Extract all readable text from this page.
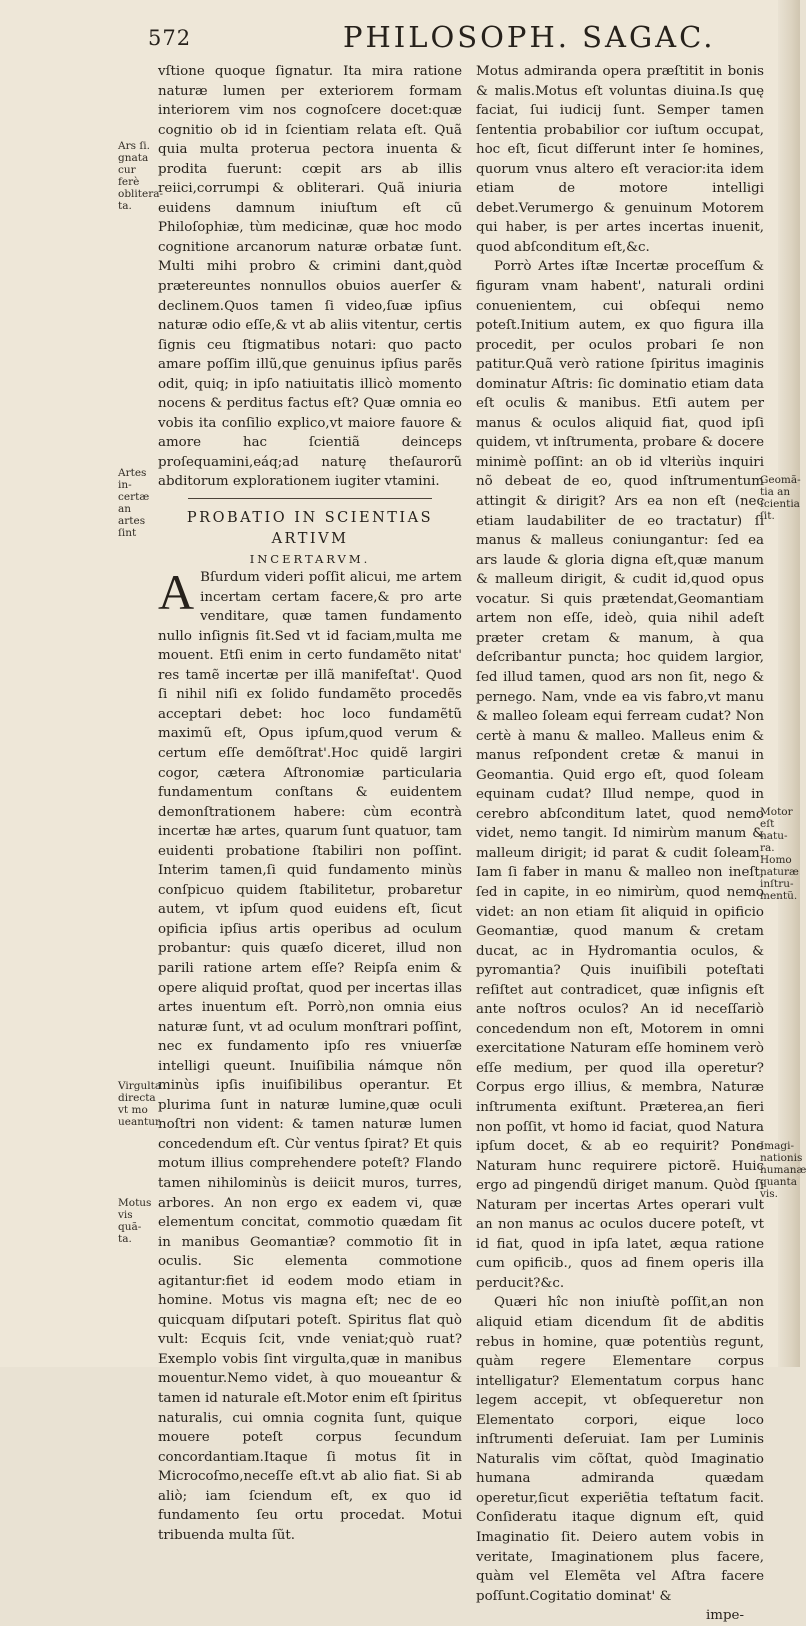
572	PHILOSOPH. SAGAC.

vſtione quoque ſignatur. Ita mira ratione naturæ lumen per exteriorem formam interiorem vim nos cognoſcere docet:quæ cognitio ob id in ſcientiam relata eſt. Quã quia multa proterua pectora inuenta & prodita fuerunt: cœpit ars ab illis reiici,corrumpi & obliterari. Quã iniuria euidens damnum iniuſtum eſt cũ Philoſophiæ, tùm medicinæ, quæ hoc modo cognitione arcanorum naturæ orbatæ ſunt. Multi mihi probro & crimini dant,quòd prætereuntes nonnullos obuios auerſer & declinem.Quos tamen ſi video,ſuæ ipſius naturæ odio eſſe,& vt ab aliis vitentur, certis ſignis ceu ſtigmatibus notari: quo pacto amare poſſim illũ,que genuinus ipſius parẽs odit, quiq; in ipſo natiuitatis illicò momento nocens & perditus factus eſt? Quæ omnia eo vobis ita conſilio explico,vt maiore fauore & amore hac ſcientiã deinceps proſequamini,eáq;ad naturę theſaurorũ abditorum explorationem iugiter vtamini.

PROBATIO IN SCIENTIAS ARTIVM
INCERTARVM.

A Bſurdum videri poſſit alicui, me artem incertam certam facere,& pro arte venditare, quæ tamen fundamento nullo inſignis ſit.Sed vt id faciam,multa me mouent. Etſi enim in certo fundamẽto nitat' res tamẽ incertæ per illã manifeſtat'. Quod ſi nihil niſi ex ſolido fundamẽto procedẽs acceptari debet: hoc loco fundamẽtũ maximũ eſt, Opus ipſum,quod verum & certum eſſe demõſtrat'.Hoc quidẽ largiri cogor, cætera Aſtronomiæ particularia fundamentum conſtans & euidentem demonſtrationem habere: cùm econtrà incertæ hæ artes, quarum ſunt quatuor, tam euidenti probatione ſtabiliri non poſſint. Interim tamen,ſi quid fundamento minùs conſpicuo quidem ſtabilitetur, probaretur autem, vt ipſum quod euidens eſt, ſicut opificia ipſius artis operibus ad oculum probantur: quis quæſo diceret, illud non parili ratione artem eſſe? Reipſa enim & opere aliquid proſtat, quod per incertas illas artes inuentum eſt. Porrò,non omnia eius naturæ ſunt, vt ad oculum monſtrari poſſint, nec ex fundamento ipſo res vniuerſæ intelligi queunt. Inuiſibilia námque nõn minùs ipſis inuiſibilibus operantur. Et plurima ſunt in naturæ lumine,quæ oculi noſtri non vident: & tamen naturæ lumen concedendum eſt. Cùr ventus ſpirat? Et quis motum illius comprehendere poteſt? Flando tamen nihilominùs is deiicit muros, turres, arbores. An non ergo ex eadem vi, quæ elementum concitat, commotio quædam ſit in manibus Geomantiæ? commotio ſit in oculis. Sic elementa commotione agitantur:fiet id eodem modo etiam in homine. Motus vis magna eſt; nec de eo quicquam diſputari poteſt. Spiritus flat quò vult: Ecquis ſcit, vnde veniat;quò ruat? Exemplo vobis ſint virgulta,quæ in manibus mouentur.Nemo videt, à quo moueantur & tamen id naturale eſt.Motor enim eſt ſpiritus naturalis, cui omnia cognita ſunt, quique mouere poteſt corpus ſecundum concordantiam.Itaque ſi motus ſit in Microcoſmo,neceſſe eſt.vt ab alio fiat. Si ab aliò; iam ſciendum eſt, ex quo id fundamento ſeu ortu procedat. Motui tribuenda multa ſũt.

Motus admiranda opera præſtitit in bonis & malis.Motus eſt voluntas diuina.Is quę faciat, ſui iudicij ſunt. Semper tamen ſententia probabilior cor iuſtum occupat, hoc eſt, ſicut diſferunt inter ſe homines, quorum vnus altero eſt veracior:ita idem etiam de motore intelligi debet.Verumergo & genuinum Motorem qui haber, is per artes incertas inuenit, quod abſconditum eſt,&c.

Porrò Artes iſtæ Incertæ proceſſum & figuram vnam habent', naturali ordini conuenientem, cui obſequi nemo poteſt.Initium autem, ex quo figura illa procedit, per oculos probari ſe non patitur.Quã verò ratione ſpiritus imaginis dominatur Aſtris: ſic dominatio etiam data eſt oculis & manibus. Etſi autem per manus & oculos aliquid fiat, quod ipſi quidem, vt inſtrumenta, probare & docere minimè poſſint: an ob id vlteriùs inquiri nõ debeat de eo, quod inſtrumentum attingit & dirigit? Ars ea non eſt (nec etiam laudabiliter de eo tractatur) ſi manus & malleus coniungantur: ſed ea ars laude & gloria digna eſt,quæ manum & malleum dirigit, & cudit id,quod opus vocatur. Si quis prætendat,Geomantiam artem non eſſe, ideò, quia nihil adeſt præter cretam & manum, à qua deſcribantur puncta; hoc quidem largior, ſed illud tamen, quod ars non ſit, nego & pernego. Nam, vnde ea vis fabro,vt manu & malleo ſoleam equi ferream cudat? Non certè à manu & malleo. Malleus enim & manus reſpondent cretæ & manui in Geomantia. Quid ergo eſt, quod ſoleam equinam cudat? Illud nempe, quod in cerebro abſconditum latet, quod nemo videt, nemo tangit. Id nimirùm manum & malleum dirigit; id parat & cudit ſoleam. Iam ſi faber in manu & malleo non ineſt, ſed in capite, in eo nimirùm, quod nemo videt: an non etiam ſit aliquid in opificio Geomantiæ, quod manum & cretam ducat, ac in Hydromantia oculos, & pyromantia? Quis inuiſibili poteſtati reſiſtet aut contradicet, quæ inſignis eſt ante noſtros oculos? An id neceſſariò concedendum non eſt, Motorem in omni exercitatione Naturam eſſe hominem verò eſſe medium, per quod illa operetur? Corpus ergo illius, & membra, Naturæ inſtrumenta exiſtunt. Præterea,an fieri non poſſit, vt homo id faciat, quod Natura ipſum docet, & ab eo requirit? Pone Naturam hunc requirere pictorẽ. Huic ergo ad pingendũ diriget manum. Quòd ſi Naturam per incertas Artes operari vult an non manus ac oculos ducere poteſt, vt id fiat, quod in ipſa latet, æqua ratione cum opificib., quos ad finem operis illa perducit?&c.

Quæri hîc non iniuſtè poſſit,an non aliquid etiam dicendum ſit de abditis rebus in homine, quæ potentiùs regunt, quàm regere Elementare corpus intelligatur? Elementatum corpus hanc legem accepit, vt obſequeretur non Elementato corpori, eique loco inſtrumenti deſeruiat. Iam per Luminis Naturalis vim cõſtat, quòd Imaginatio humana admiranda quædam operetur,ſicut experiẽtia teſtatum facit. Conſideratu itaque dignum eſt, quid Imaginatio ſit. Deiero autem vobis in veritate, Imaginationem plus facere, quàm vel Elemẽta vel Aſtra facere poſſunt.Cogitatio dominat' &

impe-

Ars ſi.
gnata
cur ferè
oblitera-
ta.
Artes in-
certæ an
artes ſint
Virgulta
directa
vt mo
ueantur.
Motus
vis quã-
ta.
Geomã-
tia an
ſcientia
ſit.
Motor
eſt natu-
ra.
Homo
naturæ
inſtru-
mentũ.
Imagi-
nationis
humanæ
quanta
vis.
